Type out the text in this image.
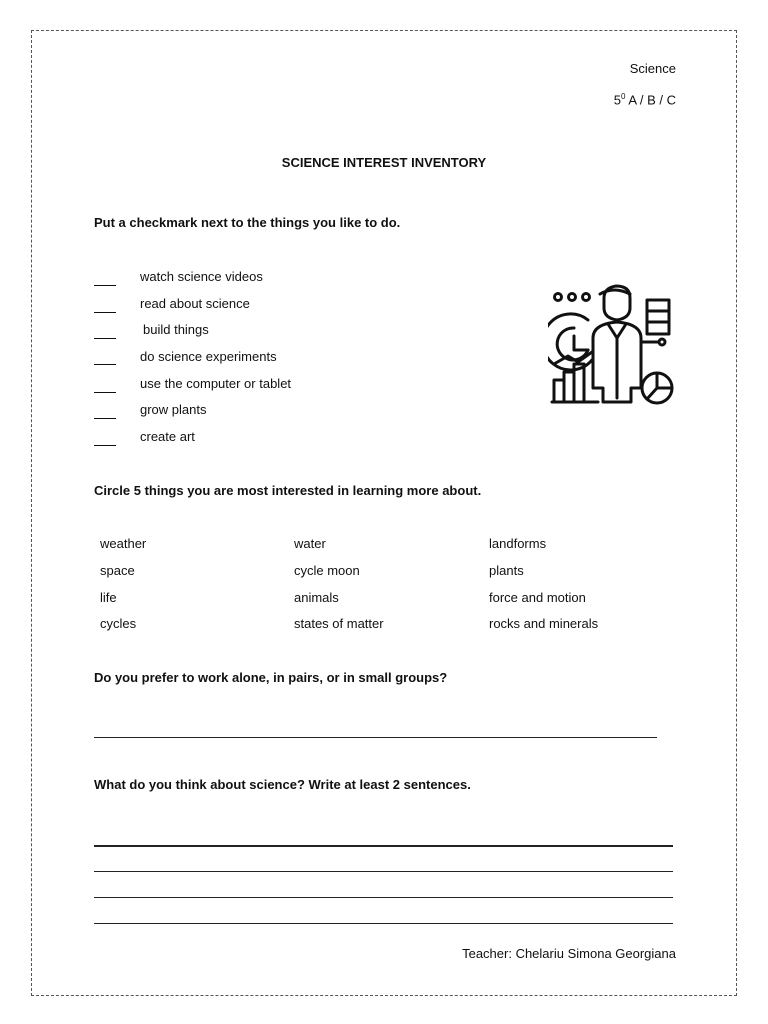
Science
$5^0$ A / B / C
SCIENCE INTEREST INVENTORY
Put a checkmark next to the things you like to do.
watch science videos
read about science
build things
do science experiments
use the computer or tablet
grow plants
create art
Circle 5 things you are most interested in learning more about.
weather
space
life
cycles
water
cycle moon
animals
states of matter
landforms
plants
force and motion
rocks and minerals
Do you prefer to work alone, in pairs, or in small groups?
What do you think about science? Write at least 2 sentences.
Teacher: Chelariu Simona Georgiana
